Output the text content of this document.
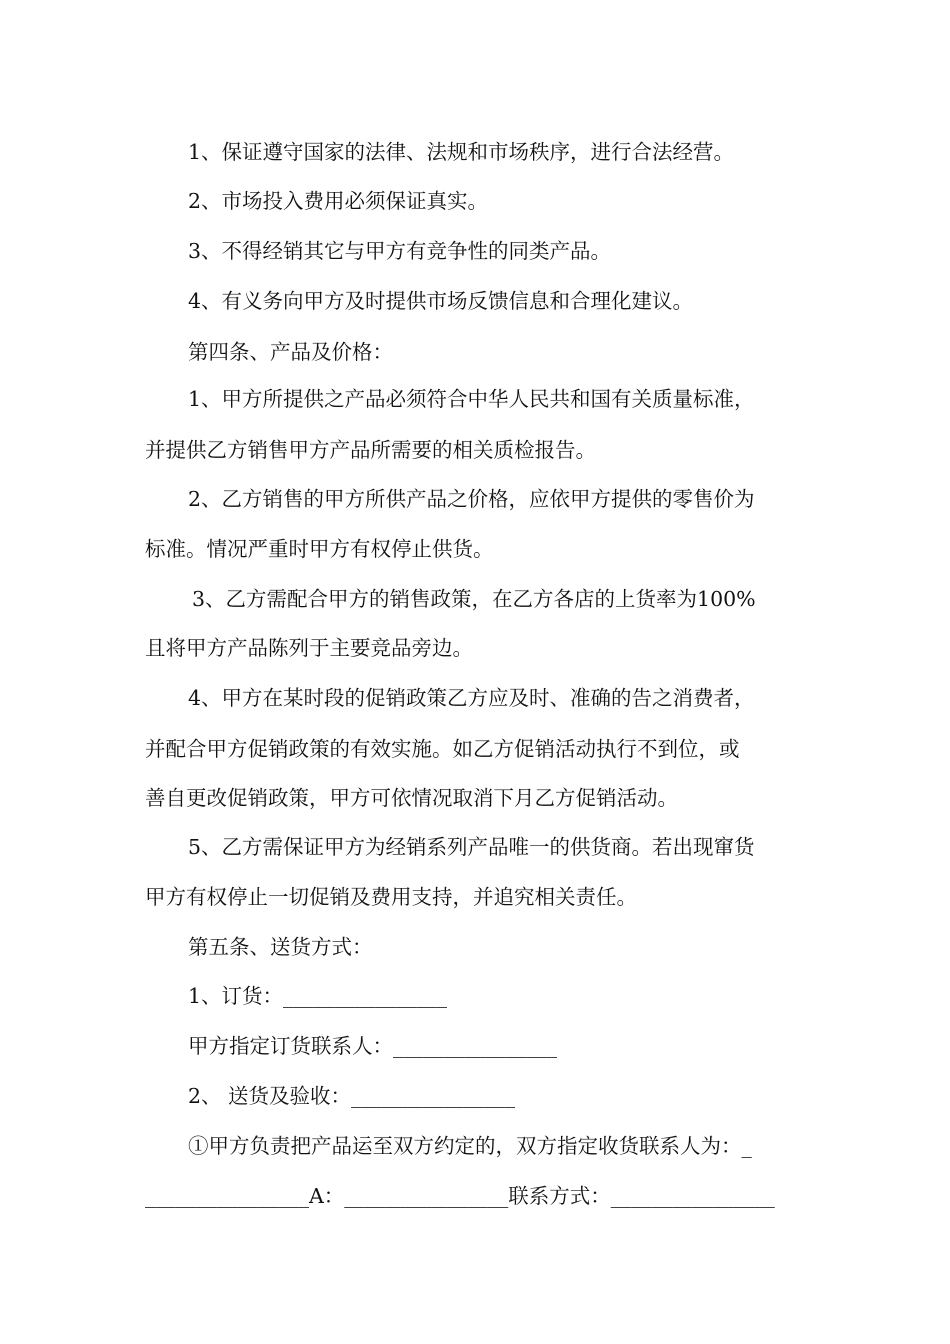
1、保证遵守国家的法律、法规和市场秩序，进行合法经营。
2、市场投入费用必须保证真实。
3、不得经销其它与甲方有竞争性的同类产品。
4、有义务向甲方及时提供市场反馈信息和合理化建议。
第四条、产品及价格：
1、甲方所提供之产品必须符合中华人民共和国有关质量标准，
并提供乙方销售甲方产品所需要的相关质检报告。
2、乙方销售的甲方所供产品之价格，应依甲方提供的零售价为
标准。情况严重时甲方有权停止供货。
3、乙方需配合甲方的销售政策，在乙方各店的上货率为100%
且将甲方产品陈列于主要竞品旁边。
4、甲方在某时段的促销政策乙方应及时、准确的告之消费者，
并配合甲方促销政策的有效实施。如乙方促销活动执行不到位，或
善自更改促销政策，甲方可依情况取消下月乙方促销活动。
5、乙方需保证甲方为经销系列产品唯一的供货商。若出现窜货
甲方有权停止一切促销及费用支持，并追究相关责任。
第五条、送货方式：
1、订货：________________
甲方指定订货联系人：________________
2、 送货及验收：________________
①甲方负责把产品运至双方约定的，双方指定收货联系人为：_
________________A：________________联系方式：________________
